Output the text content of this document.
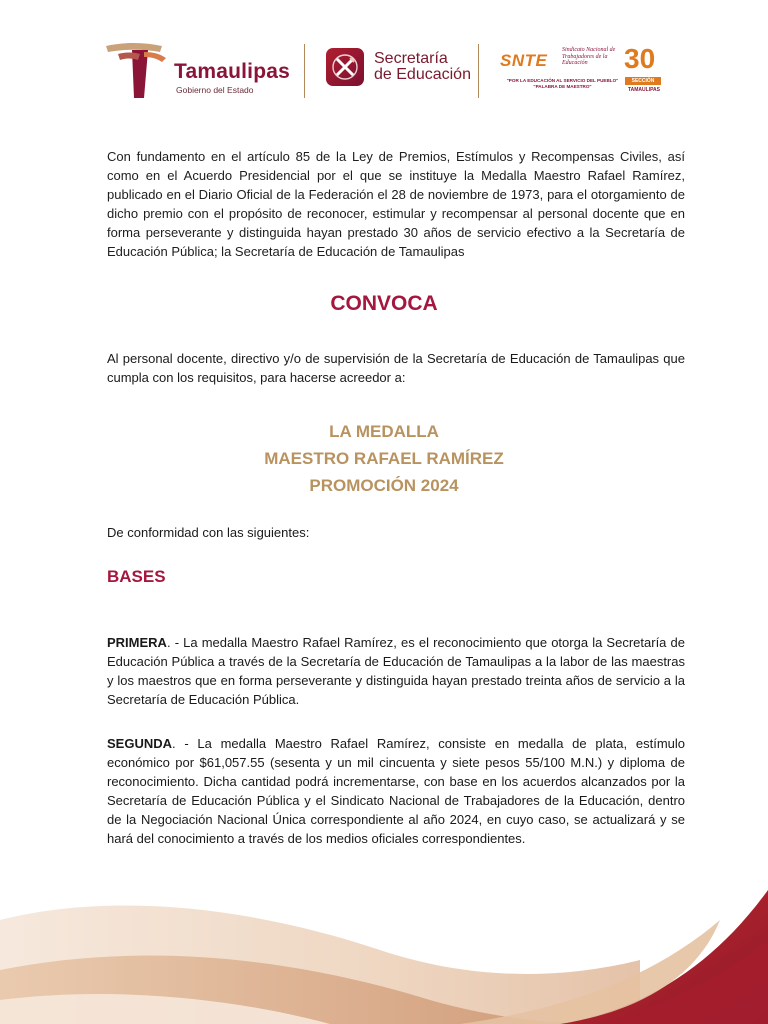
Tamaulipas
Gobierno del Estado
Secretaría
de Educación
SNTE
Sindicato Nacional de Trabajadores de la Educación
"POR LA EDUCACIÓN AL SERVICIO DEL PUEBLO" "PALABRA DE MAESTRO"
30
SECCIÓN
TAMAULIPAS

Con fundamento en el artículo 85 de la Ley de Premios, Estímulos y Recompensas Civiles, así como en el Acuerdo Presidencial por el que se instituye la Medalla Maestro Rafael Ramírez, publicado en el Diario Oficial de la Federación el 28 de noviembre de 1973, para el otorgamiento de dicho premio con el propósito de reconocer, estimular y recompensar al personal docente que en forma perseverante y distinguida hayan prestado 30 años de servicio efectivo a la Secretaría de Educación Pública; la Secretaría de Educación de Tamaulipas

CONVOCA

Al personal docente, directivo y/o de supervisión de la Secretaría de Educación de Tamaulipas que cumpla con los requisitos, para hacerse acreedor a:

LA MEDALLA
MAESTRO RAFAEL RAMÍREZ
PROMOCIÓN 2024

De conformidad con las siguientes:

BASES

PRIMERA. - La medalla Maestro Rafael Ramírez, es el reconocimiento que otorga la Secretaría de Educación Pública a través de la Secretaría de Educación de Tamaulipas a la labor de las maestras y los maestros que en forma perseverante y distinguida hayan prestado treinta años de servicio a la Secretaría de Educación Pública.

SEGUNDA. - La medalla Maestro Rafael Ramírez, consiste en medalla de plata, estímulo económico por $61,057.55 (sesenta y un mil cincuenta y siete pesos 55/100 M.N.) y diploma de reconocimiento. Dicha cantidad podrá incrementarse, con base en los acuerdos alcanzados por la Secretaría de Educación Pública y el Sindicato Nacional de Trabajadores de la Educación, dentro de la Negociación Nacional Única correspondiente al año 2024, en cuyo caso, se actualizará y se hará del conocimiento a través de los medios oficiales correspondientes.
